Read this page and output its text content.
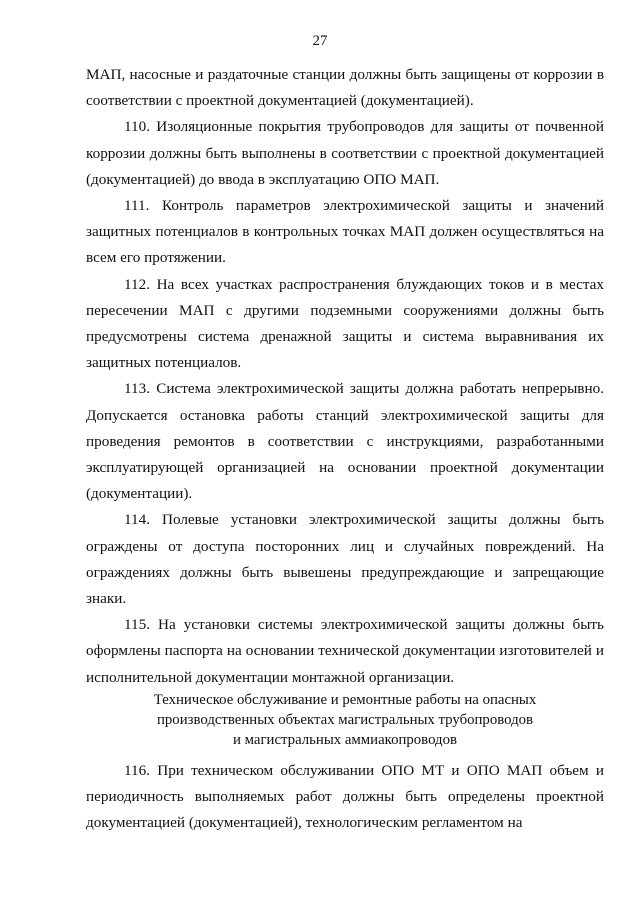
27

МАП, насосные и раздаточные станции должны быть защищены от коррозии в соответствии с проектной документацией (документацией).

110. Изоляционные покрытия трубопроводов для защиты от почвенной коррозии должны быть выполнены в соответствии с проектной документацией (документацией) до ввода в эксплуатацию ОПО МАП.

111. Контроль параметров электрохимической защиты и значений защитных потенциалов в контрольных точках МАП должен осуществляться на всем его протяжении.

112. На всех участках распространения блуждающих токов и в местах пересечении МАП с другими подземными сооружениями должны быть предусмотрены система дренажной защиты и система выравнивания их защитных потенциалов.

113. Система электрохимической защиты должна работать непрерывно. Допускается остановка работы станций электрохимической защиты для проведения ремонтов в соответствии с инструкциями, разработанными эксплуатирующей организацией на основании проектной документации (документации).

114. Полевые установки электрохимической защиты должны быть ограждены от доступа посторонних лиц и случайных повреждений. На ограждениях должны быть вывешены предупреждающие и запрещающие знаки.

115. На установки системы электрохимической защиты должны быть оформлены паспорта на основании технической документации изготовителей и исполнительной документации монтажной организации.

Техническое обслуживание и ремонтные работы на опасных
производственных объектах магистральных трубопроводов
и магистральных аммиакопроводов

116. При техническом обслуживании ОПО МТ и ОПО МАП объем и периодичность выполняемых работ должны быть определены проектной документацией (документацией), технологическим регламентом на
